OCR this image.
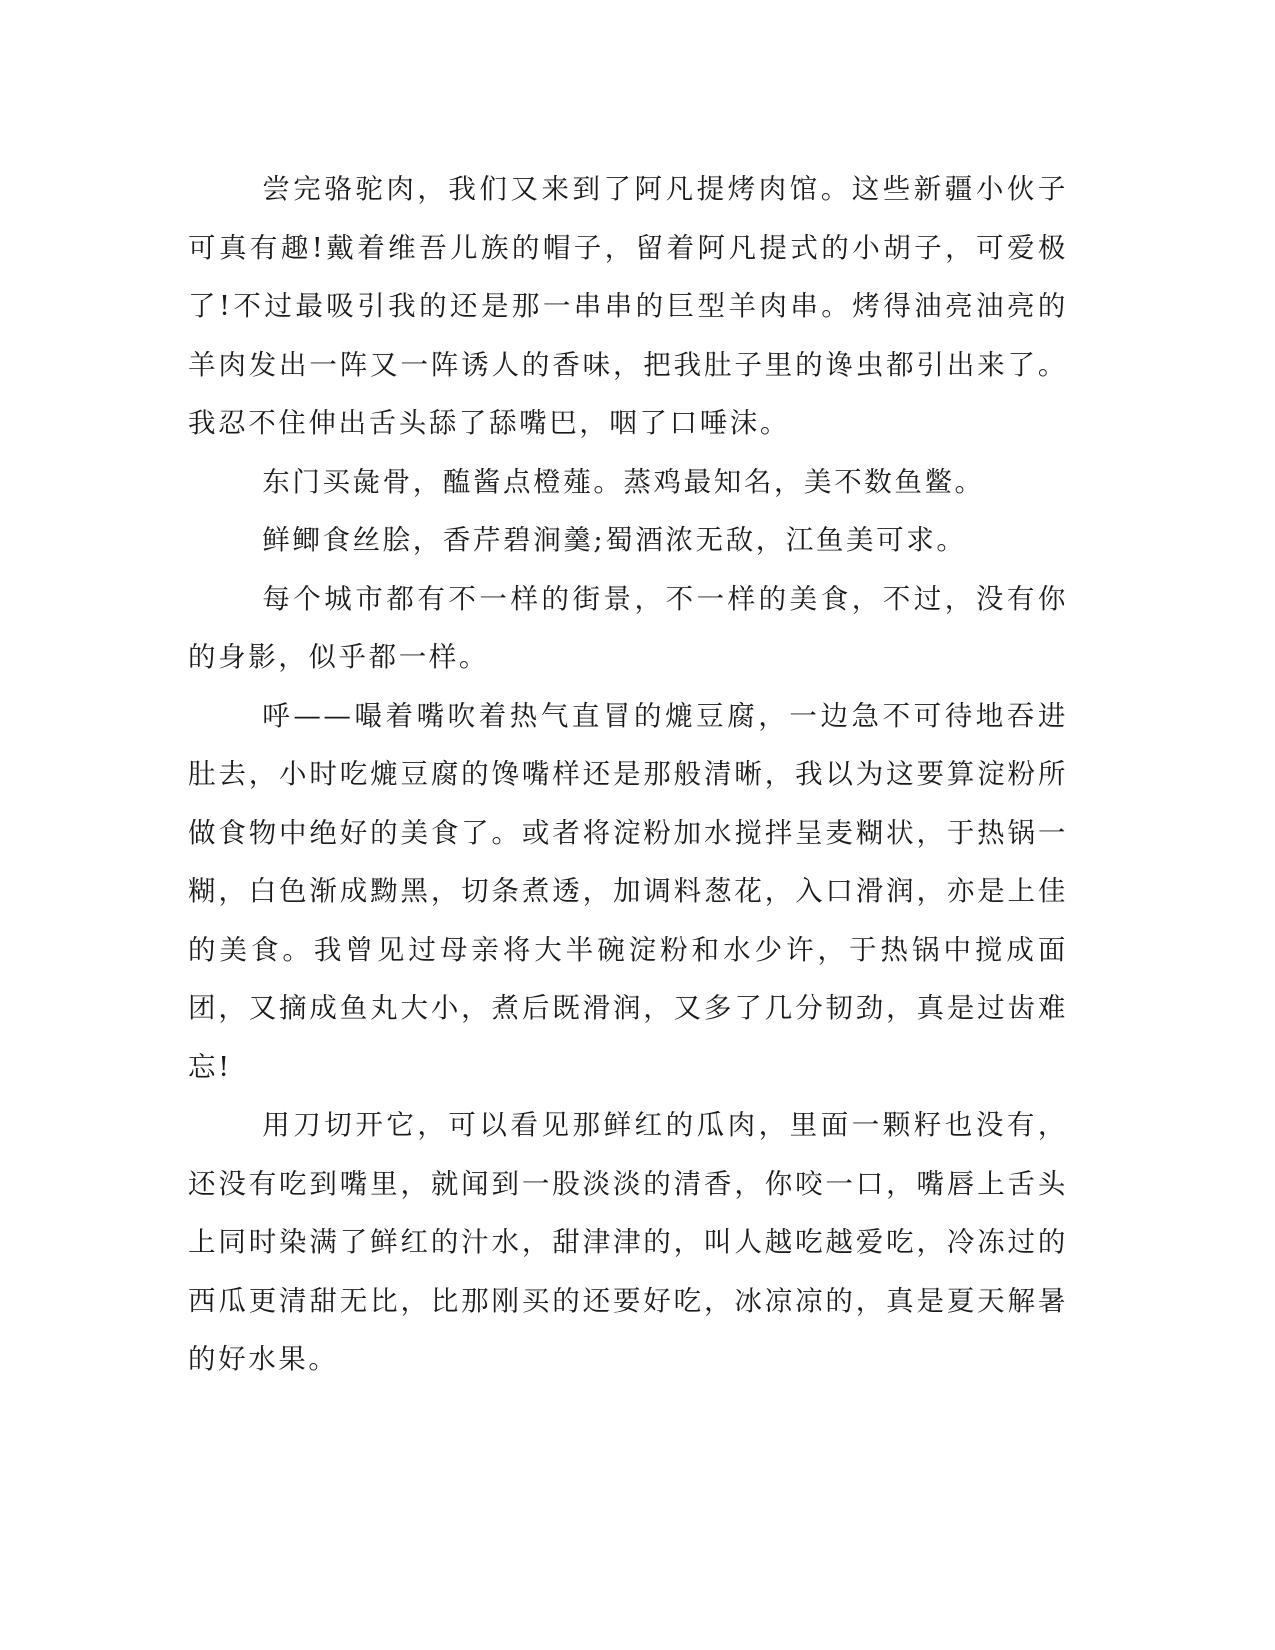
尝完骆驼肉，我们又来到了阿凡提烤肉馆。这些新疆小伙子可真有趣!戴着维吾儿族的帽子，留着阿凡提式的小胡子，可爱极了!不过最吸引我的还是那一串串的巨型羊肉串。烤得油亮油亮的羊肉发出一阵又一阵诱人的香味，把我肚子里的谗虫都引出来了。我忍不住伸出舌头舔了舔嘴巴，咽了口唾沫。

东门买彘骨，醢酱点橙薤。蒸鸡最知名，美不数鱼鳖。

鲜鲫食丝脍，香芹碧涧羹;蜀酒浓无敌，江鱼美可求。

每个城市都有不一样的街景，不一样的美食，不过，没有你的身影，似乎都一样。

呼——嘬着嘴吹着热气直冒的熝豆腐，一边急不可待地吞进肚去，小时吃熝豆腐的馋嘴样还是那般清晰，我以为这要算淀粉所做食物中绝好的美食了。或者将淀粉加水搅拌呈麦糊状，于热锅一糊，白色渐成黝黑，切条煮透，加调料葱花，入口滑润，亦是上佳的美食。我曾见过母亲将大半碗淀粉和水少许，于热锅中搅成面团，又摘成鱼丸大小，煮后既滑润，又多了几分韧劲，真是过齿难忘!

用刀切开它，可以看见那鲜红的瓜肉，里面一颗籽也没有，还没有吃到嘴里，就闻到一股淡淡的清香，你咬一口，嘴唇上舌头上同时染满了鲜红的汁水，甜津津的，叫人越吃越爱吃，冷冻过的西瓜更清甜无比，比那刚买的还要好吃，冰凉凉的，真是夏天解暑的好水果。
